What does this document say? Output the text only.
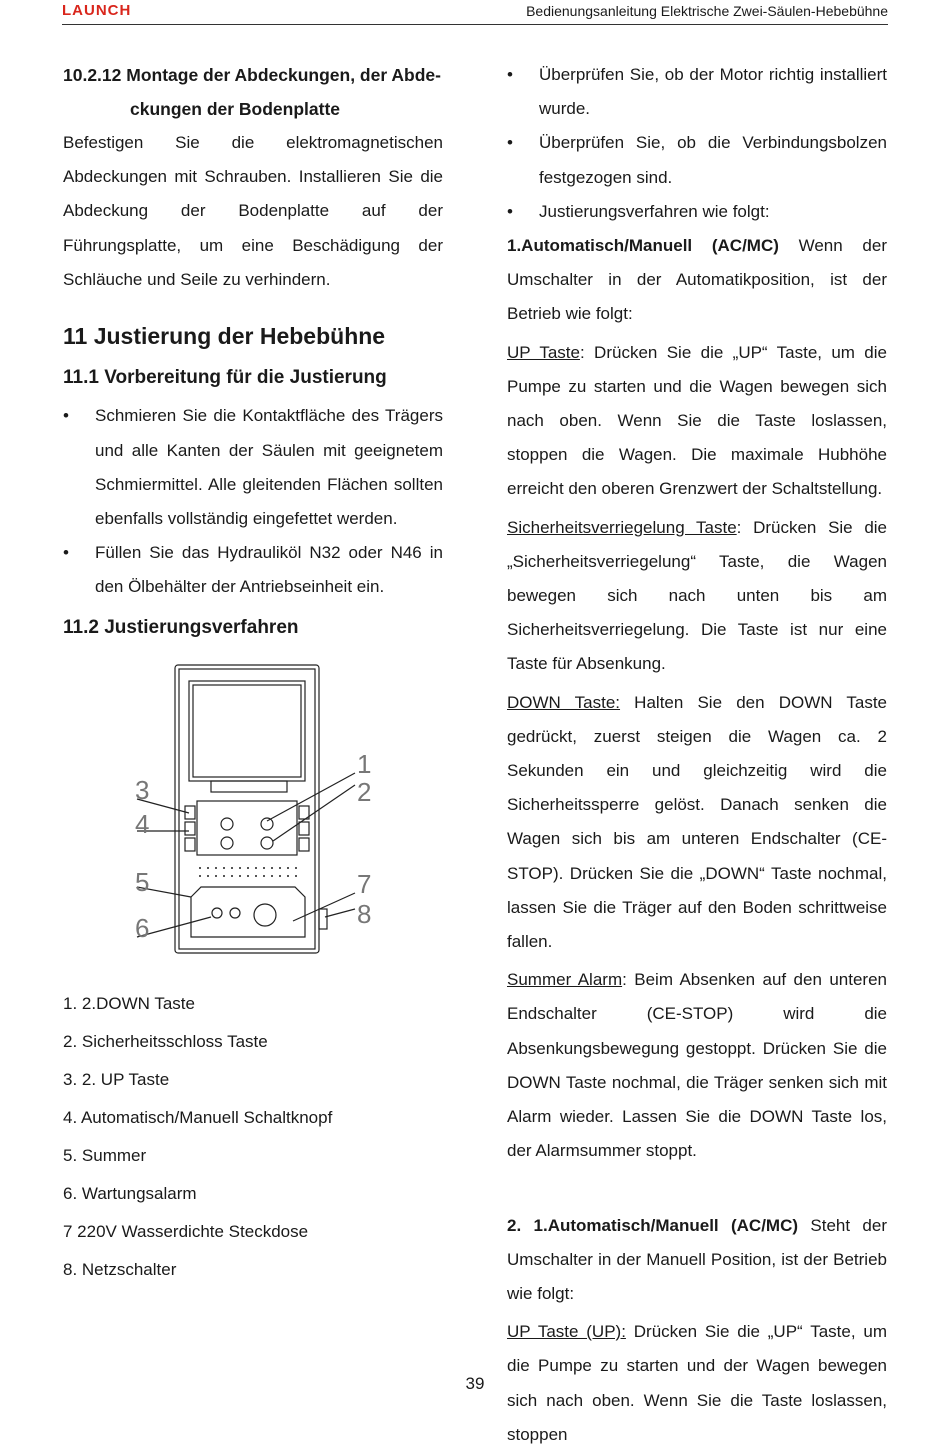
LAUNCH	Bedienungsanleitung Elektrische Zwei-Säulen-Hebebühne
10.2.12 Montage der Abdeckungen, der Abde-
ckungen der Bodenplatte

Befestigen Sie die elektromagnetischen Abdeckungen mit Schrauben. Installieren Sie die Abdeckung der Bodenplatte auf der Führungsplatte, um eine Beschädigung der Schläuche und Seile zu verhindern.

11 Justierung der Hebebühne
11.1 Vorbereitung für die Justierung
• Schmieren Sie die Kontaktfläche des Trägers und alle Kanten der Säulen mit geeignetem Schmiermittel. Alle gleitenden Flächen sollten ebenfalls vollständig eingefettet werden.
• Füllen Sie das Hydrauliköl N32 oder N46 in den Ölbehälter der Antriebseinheit ein.
11.2 Justierungsverfahren
1
2
3
4
5
6
7
8
1. 2.DOWN Taste
2. Sicherheitsschloss Taste
3. 2. UP Taste
4. Automatisch/Manuell Schaltknopf
5. Summer
6. Wartungsalarm
7 220V Wasserdichte Steckdose
8. Netzschalter
• Überprüfen Sie, ob der Motor richtig installiert wurde.
• Überprüfen Sie, ob die Verbindungsbolzen festgezogen sind.
• Justierungsverfahren wie folgt:

1.Automatisch/Manuell (AC/MC) Wenn der Umschalter in der Automatikposition, ist der Betrieb wie folgt:

UP Taste: Drücken Sie die „UP“ Taste, um die Pumpe zu starten und die Wagen bewegen sich nach oben. Wenn Sie die Taste loslassen, stoppen die Wagen. Die maximale Hubhöhe erreicht den oberen Grenzwert der Schaltstellung.

Sicherheitsverriegelung Taste: Drücken Sie die „Sicherheitsverriegelung“ Taste, die Wagen bewegen sich nach unten bis am Sicherheitsverriegelung. Die Taste ist nur eine Taste für Absenkung.

DOWN Taste: Halten Sie den DOWN Taste gedrückt, zuerst steigen die Wagen ca. 2 Sekunden ein und gleichzeitig wird die Sicherheitssperre gelöst. Danach senken die Wagen sich bis am unteren Endschalter (CE-STOP). Drücken Sie die „DOWN“ Taste nochmal, lassen Sie die Träger auf den Boden schrittweise fallen.

Summer Alarm: Beim Absenken auf den unteren Endschalter (CE-STOP) wird die Absenkungsbewegung gestoppt. Drücken Sie die DOWN Taste nochmal, die Träger senken sich mit Alarm wieder. Lassen Sie die DOWN Taste los, der Alarmsummer stoppt.

2. 1.Automatisch/Manuell (AC/MC) Steht der Umschalter in der Manuell Position, ist der Betrieb wie folgt:

UP Taste (UP): Drücken Sie die „UP“ Taste, um die Pumpe zu starten und der Wagen bewegen sich nach oben. Wenn Sie die Taste loslassen, stoppen

39
